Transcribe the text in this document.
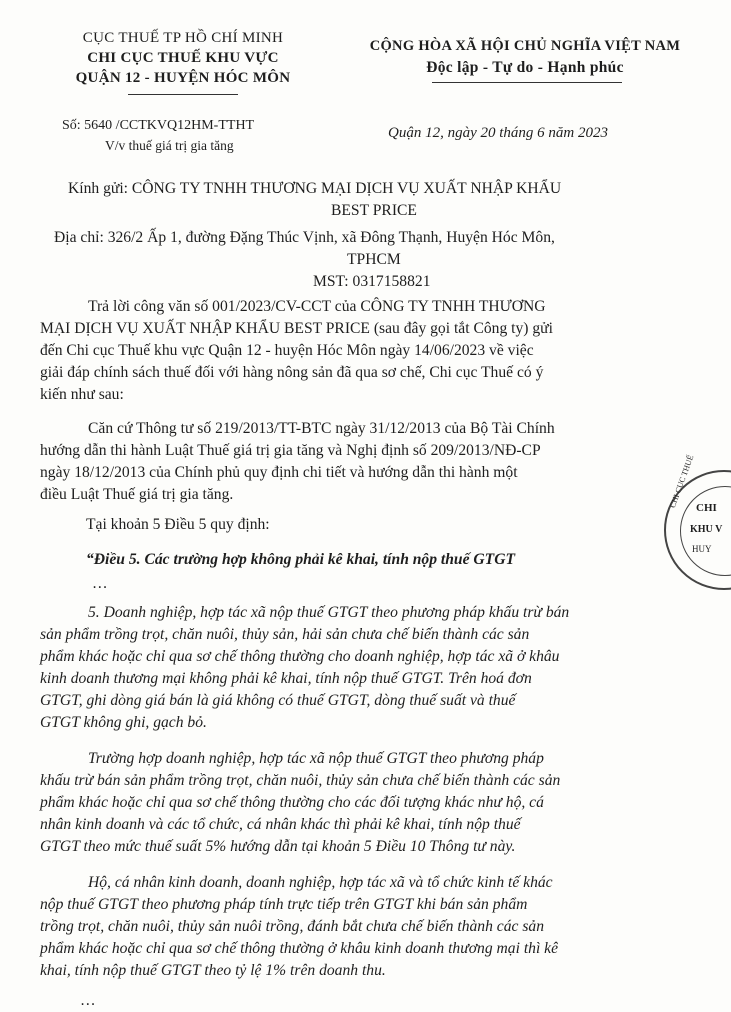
CỤC THUẾ TP HỒ CHÍ MINH
CHI CỤC THUẾ KHU VỰC
QUẬN 12 - HUYỆN HÓC MÔN
CỘNG HÒA XÃ HỘI CHỦ NGHĨA VIỆT NAM
Độc lập - Tự do - Hạnh phúc
Số: 5640 /CCTKVQ12HM-TTHT
V/v thuế giá trị gia tăng
Quận 12, ngày 20 tháng 6 năm 2023
Kính gửi: CÔNG TY TNHH THƯƠNG MẠI DỊCH VỤ XUẤT NHẬP KHẨU
BEST PRICE
Địa chỉ: 326/2 Ấp 1, đường Đặng Thúc Vịnh, xã Đông Thạnh, Huyện Hóc Môn,
TPHCM
MST: 0317158821
Trả lời công văn số 001/2023/CV-CCT của CÔNG TY TNHH THƯƠNG
MẠI DỊCH VỤ XUẤT NHẬP KHẨU BEST PRICE (sau đây gọi tắt Công ty) gửi
đến Chi cục Thuế khu vực Quận 12 - huyện Hóc Môn ngày 14/06/2023 về việc
giải đáp chính sách thuế đối với hàng nông sản đã qua sơ chế, Chi cục Thuế có ý
kiến như sau:
Căn cứ Thông tư số 219/2013/TT-BTC ngày 31/12/2013 của Bộ Tài Chính
hướng dẫn thi hành Luật Thuế giá trị gia tăng và Nghị định số 209/2013/NĐ-CP
ngày 18/12/2013 của Chính phủ quy định chi tiết và hướng dẫn thi hành một
điều Luật Thuế giá trị gia tăng.
Tại khoản 5 Điều 5 quy định:
“Điều 5. Các trường hợp không phải kê khai, tính nộp thuế GTGT
…
5. Doanh nghiệp, hợp tác xã nộp thuế GTGT theo phương pháp khấu trừ bán
sản phẩm trồng trọt, chăn nuôi, thủy sản, hải sản chưa chế biến thành các sản
phẩm khác hoặc chỉ qua sơ chế thông thường cho doanh nghiệp, hợp tác xã ở khâu
kinh doanh thương mại không phải kê khai, tính nộp thuế GTGT. Trên hoá đơn
GTGT, ghi dòng giá bán là giá không có thuế GTGT, dòng thuế suất và thuế
GTGT không ghi, gạch bỏ.
Trường hợp doanh nghiệp, hợp tác xã nộp thuế GTGT theo phương pháp
khấu trừ bán sản phẩm trồng trọt, chăn nuôi, thủy sản chưa chế biến thành các sản
phẩm khác hoặc chỉ qua sơ chế thông thường cho các đối tượng khác như hộ, cá
nhân kinh doanh và các tổ chức, cá nhân khác thì phải kê khai, tính nộp thuế
GTGT theo mức thuế suất 5% hướng dẫn tại khoản 5 Điều 10 Thông tư này.
Hộ, cá nhân kinh doanh, doanh nghiệp, hợp tác xã và tổ chức kinh tế khác
nộp thuế GTGT theo phương pháp tính trực tiếp trên GTGT khi bán sản phẩm
trồng trọt, chăn nuôi, thủy sản nuôi trồng, đánh bắt chưa chế biến thành các sản
phẩm khác hoặc chỉ qua sơ chế thông thường ở khâu kinh doanh thương mại thì kê
khai, tính nộp thuế GTGT theo tỷ lệ 1% trên doanh thu.
…
CHI
KHU V
HUY
CHI CỤC THUẾ
